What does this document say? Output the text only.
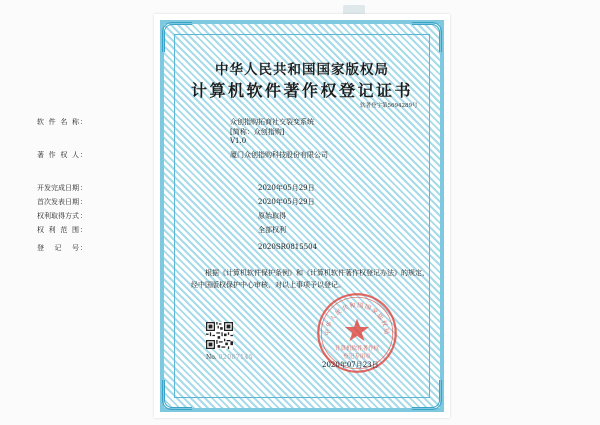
中华人民共和国国家版权局
计算机软件著作权登记证书
软著登字第5694289号
软件名称 ：	众创指购拓商社交裂变系统
[简称：众创指购]
V1.0
著作权人 ：	厦门众创指购科技股份有限公司
开发完成日期 ：	2020年05月29日
首次发表日期 ：	2020年05月29日
权利取得方式 ：	原始取得
权利范围 ：	全部权利
登记号 ：	2020SR0815504
根据《计算机软件保护条例》和《计算机软件著作权登记办法》的规定，经中国版权保护中心审核，对以上事项予以登记。
No. 02087145
中华人民共和国国家版权局
计算机软件著作权
登记专用章
2020年07月23日
